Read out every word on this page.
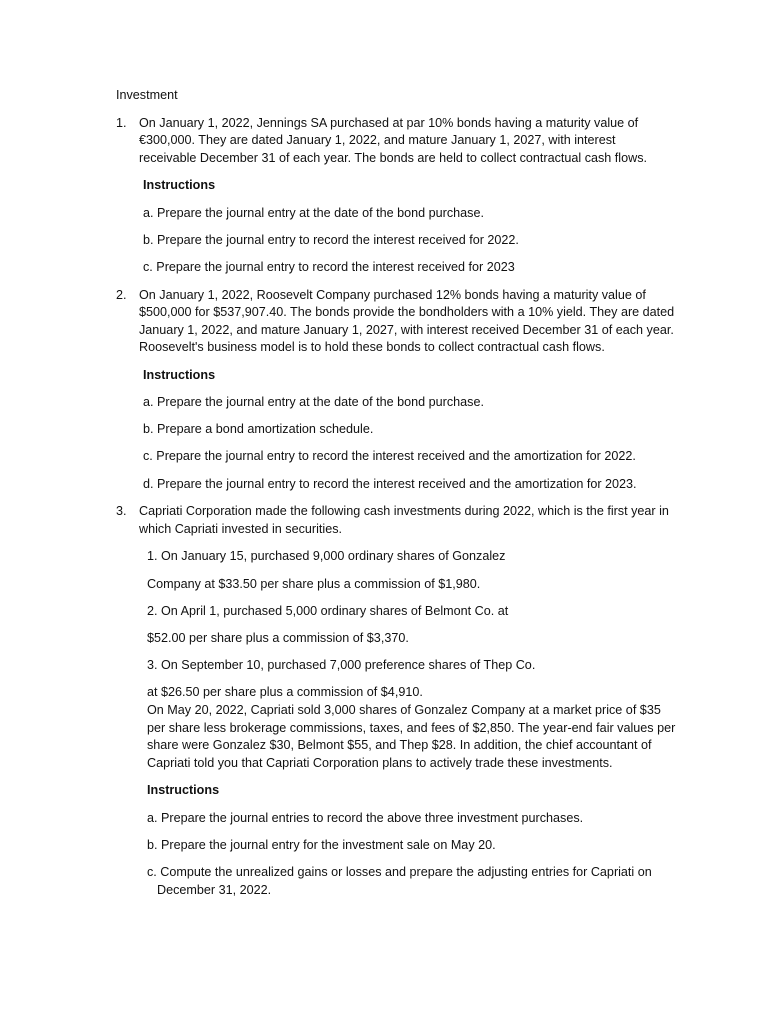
Investment

1. On January 1, 2022, Jennings SA purchased at par 10% bonds having a maturity value of €300,000. They are dated January 1, 2022, and mature January 1, 2027, with interest receivable December 31 of each year. The bonds are held to collect contractual cash flows.

Instructions

a. Prepare the journal entry at the date of the bond purchase.

b. Prepare the journal entry to record the interest received for 2022.

c. Prepare the journal entry to record the interest received for 2023

2. On January 1, 2022, Roosevelt Company purchased 12% bonds having a maturity value of $500,000 for $537,907.40. The bonds provide the bondholders with a 10% yield. They are dated January 1, 2022, and mature January 1, 2027, with interest received December 31 of each year. Roosevelt's business model is to hold these bonds to collect contractual cash flows.

Instructions

a. Prepare the journal entry at the date of the bond purchase.

b. Prepare a bond amortization schedule.

c. Prepare the journal entry to record the interest received and the amortization for 2022.

d. Prepare the journal entry to record the interest received and the amortization for 2023.

3. Capriati Corporation made the following cash investments during 2022, which is the first year in which Capriati invested in securities.

1. On January 15, purchased 9,000 ordinary shares of Gonzalez

Company at $33.50 per share plus a commission of $1,980.

2. On April 1, purchased 5,000 ordinary shares of Belmont Co. at

$52.00 per share plus a commission of $3,370.

3. On September 10, purchased 7,000 preference shares of Thep Co.

at $26.50 per share plus a commission of $4,910.

On May 20, 2022, Capriati sold 3,000 shares of Gonzalez Company at a market price of $35 per share less brokerage commissions, taxes, and fees of $2,850. The year-end fair values per share were Gonzalez $30, Belmont $55, and Thep $28. In addition, the chief accountant of Capriati told you that Capriati Corporation plans to actively trade these investments.

Instructions

a. Prepare the journal entries to record the above three investment purchases.

b. Prepare the journal entry for the investment sale on May 20.

c. Compute the unrealized gains or losses and prepare the adjusting entries for Capriati on
December 31, 2022.
